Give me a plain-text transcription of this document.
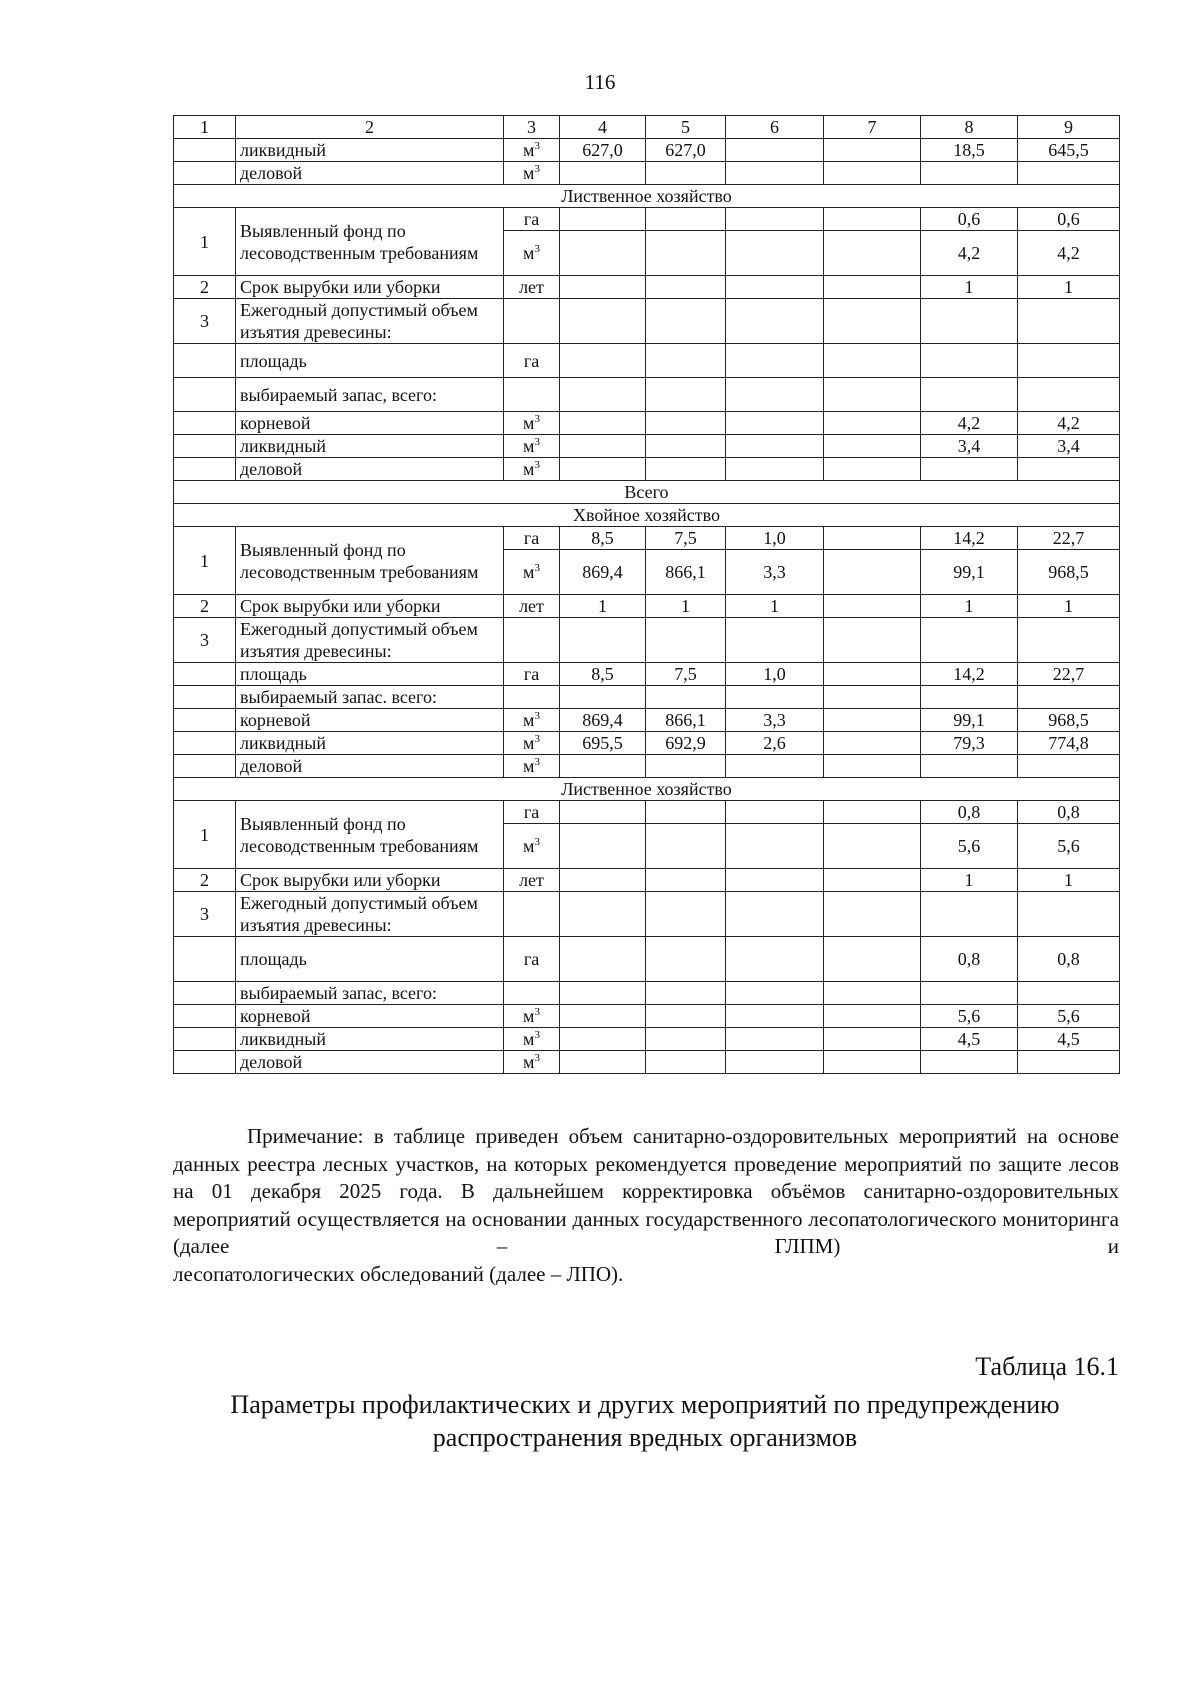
116
1	2	3	4	5	6	7	8	9
	ликвидный	$м^3$	627,0	627,0			18,5	645,5
	деловой	$м^3$						
Лиственное хозяйство								
1	Выявленный фонд по лесоводственным требованиям	га					0,6	0,6
		$м^3$					4,2	4,2
2	Срок вырубки или уборки	лет					1	1
3	Ежегодный допустимый объем изъятия древесины:							
	площадь	га						
	выбираемый запас, всего:							
	корневой	$м^3$					4,2	4,2
	ликвидный	$м^3$					3,4	3,4
	деловой	$м^3$						
Всего								
Хвойное хозяйство								
1	Выявленный фонд по лесоводственным требованиям	га	8,5	7,5	1,0		14,2	22,7
		$м^3$	869,4	866,1	3,3		99,1	968,5
2	Срок вырубки или уборки	лет	1	1	1		1	1
3	Ежегодный допустимый объем изъятия древесины:							
	площадь	га	8,5	7,5	1,0		14,2	22,7
	выбираемый запас. всего:							
	корневой	$м^3$	869,4	866,1	3,3		99,1	968,5
	ликвидный	$м^3$	695,5	692,9	2,6		79,3	774,8
	деловой	$м^3$						
Лиственное хозяйство								
1	Выявленный фонд по лесоводственным требованиям	га					0,8	0,8
		$м^3$					5,6	5,6
2	Срок вырубки или уборки	лет					1	1
3	Ежегодный допустимый объем изъятия древесины:							
	площадь	га					0,8	0,8
	выбираемый запас, всего:							
	корневой	$м^3$					5,6	5,6
	ликвидный	$м^3$					4,5	4,5
	деловой	$м^3$						

Примечание: в таблице приведен объем санитарно-оздоровительных мероприятий на основе данных реестра лесных участков, на которых рекомендуется проведение мероприятий по защите лесов на 01 декабря 2025 года. В дальнейшем корректировка объёмов санитарно-оздоровительных мероприятий осуществляется на основании данных государственного лесопатологического мониторинга (далее – ГЛПМ) и

лесопатологических обследований (далее – ЛПО).
Таблица 16.1
Параметры профилактических и других мероприятий по предупреждению
распространения вредных организмов
